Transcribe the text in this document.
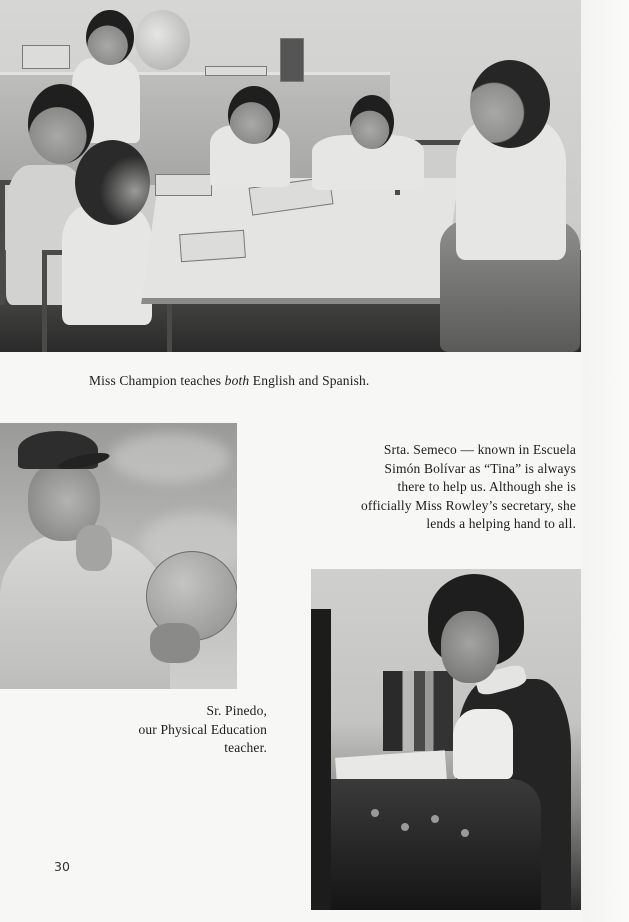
Miss Champion teaches both English and Spanish.
Srta. Semeco — known in Escuela
Simón Bolívar as “Tina” is always
there to help us. Although she is
officially Miss Rowley’s secretary, she
lends a helping hand to all.
Sr. Pinedo,
our Physical Education
teacher.
30
